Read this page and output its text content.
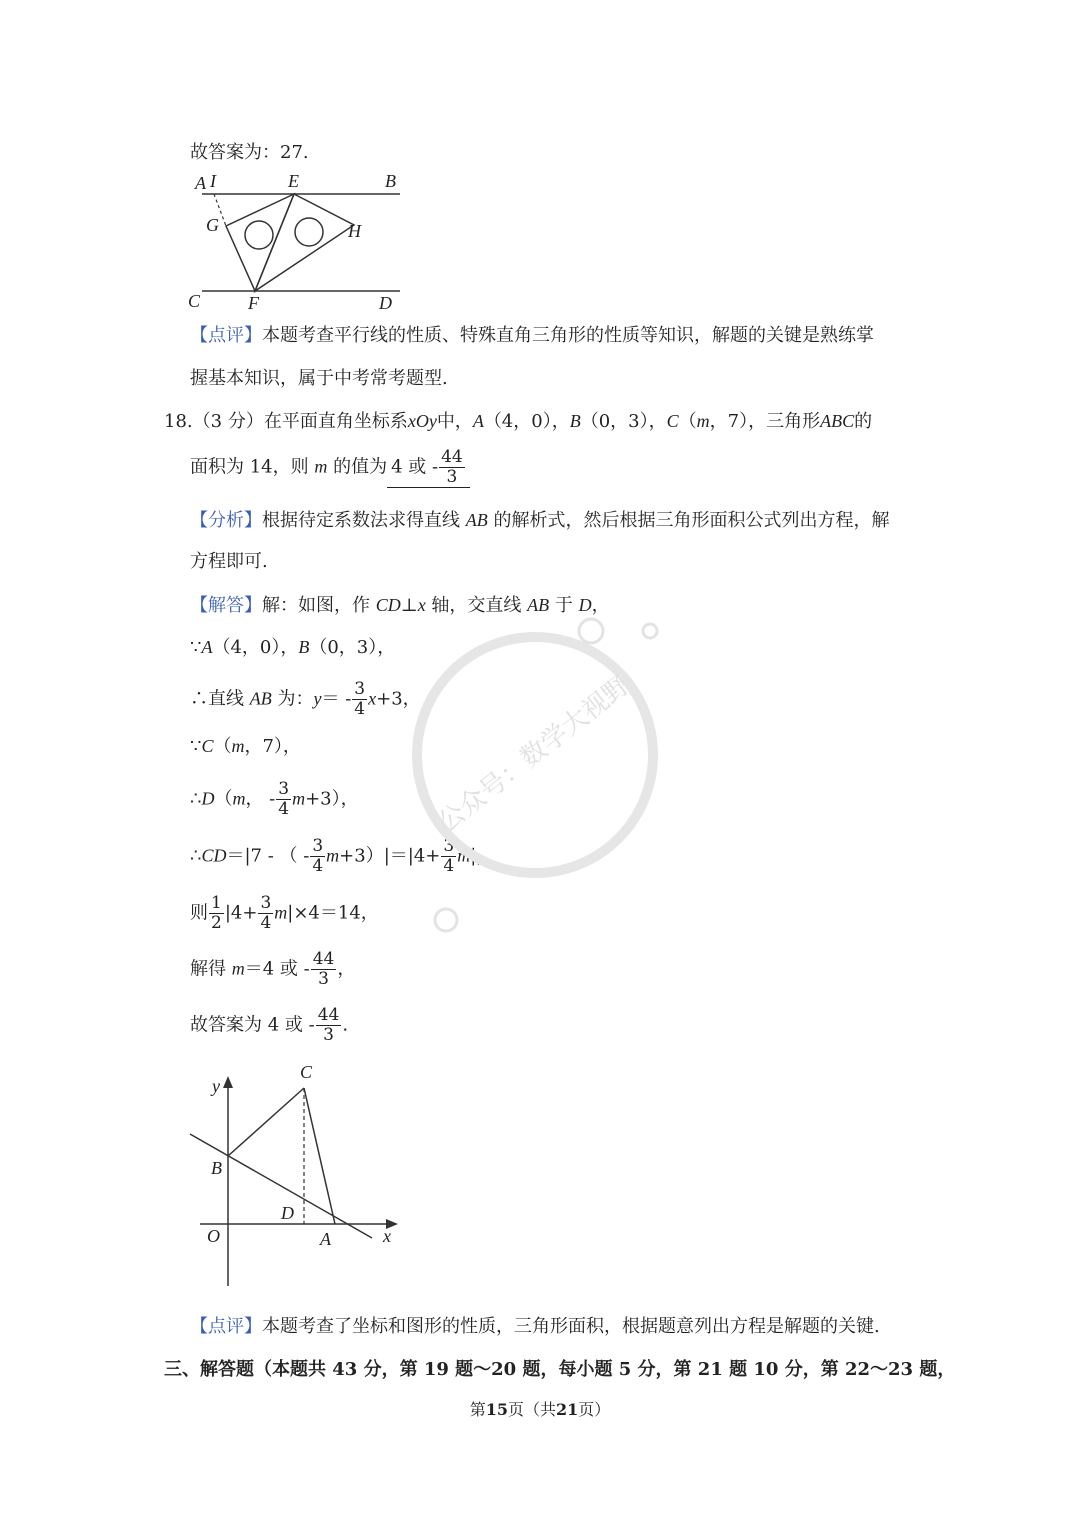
故答案为：27.
A I	E	B
G	H
C	F	D
【点评】本题考查平行线的性质、特殊直角三角形的性质等知识，解题的关键是熟练掌
握基本知识，属于中考常考题型.
18.（3 分）在平面直角坐标系xOy中，A（4，0），B（0，3），C（m，7），三角形ABC的
面积为 14，则 m 的值为 4 或 - $\frac{44}{3}$
【分析】根据待定系数法求得直线 AB 的解析式，然后根据三角形面积公式列出方程，解
方程即可.
【解答】解：如图，作 CD⊥x 轴，交直线 AB 于 D，
∵A（4，0），B（0，3），
∴直线 AB 为：$y= - \frac{3}{4} x+3$，
∵C（m，7），
∴D（m， - $\frac{3}{4} m+3$），
∴CD＝|7 - （ - $\frac{3}{4} m+3)|=|4+ \frac{3}{4} m|$，
则 $\frac{1}{2} |4+ \frac{3}{4} m|\times 4=14$，
解得 m＝4 或 - $\frac{44}{3}$ ，
故答案为 4 或 - $\frac{44}{3}$ .
y
C
B
D
O	A	x
【点评】本题考查了坐标和图形的性质，三角形面积，根据题意列出方程是解题的关键.
三、解答题（本题共 43 分，第 19 题～20 题，每小题 5 分，第 21 题 10 分，第 22～23 题，
第15页（共21页）
公众号：数学大视野
